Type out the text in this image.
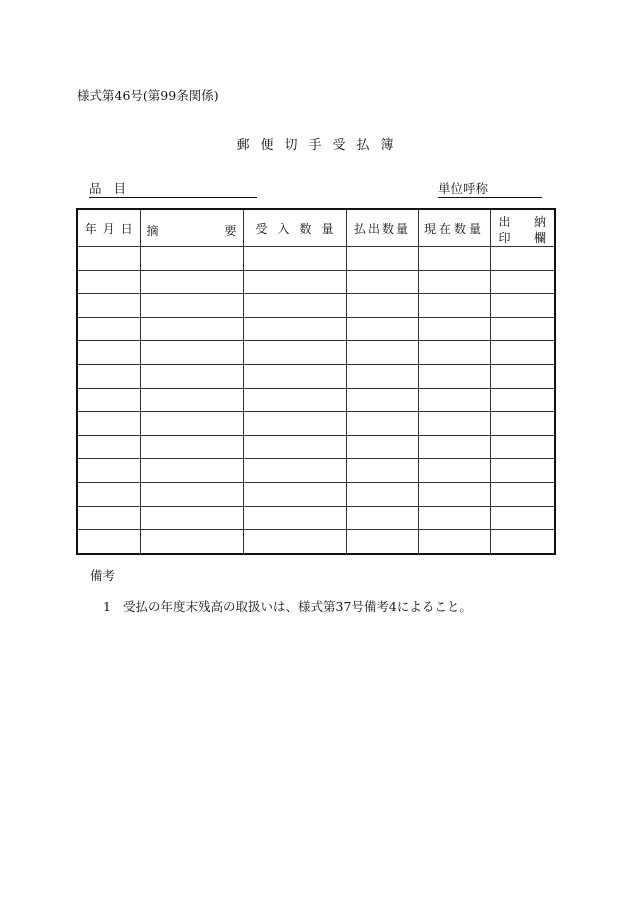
様式第46号(第99条関係)
郵便切手受払簿
品目	単位呼称
年月日	摘 要	受入数量	払出数量	現在数量	出 納
印 欄

備考
1 受払の年度末残高の取扱いは、様式第37号備考4によること。
